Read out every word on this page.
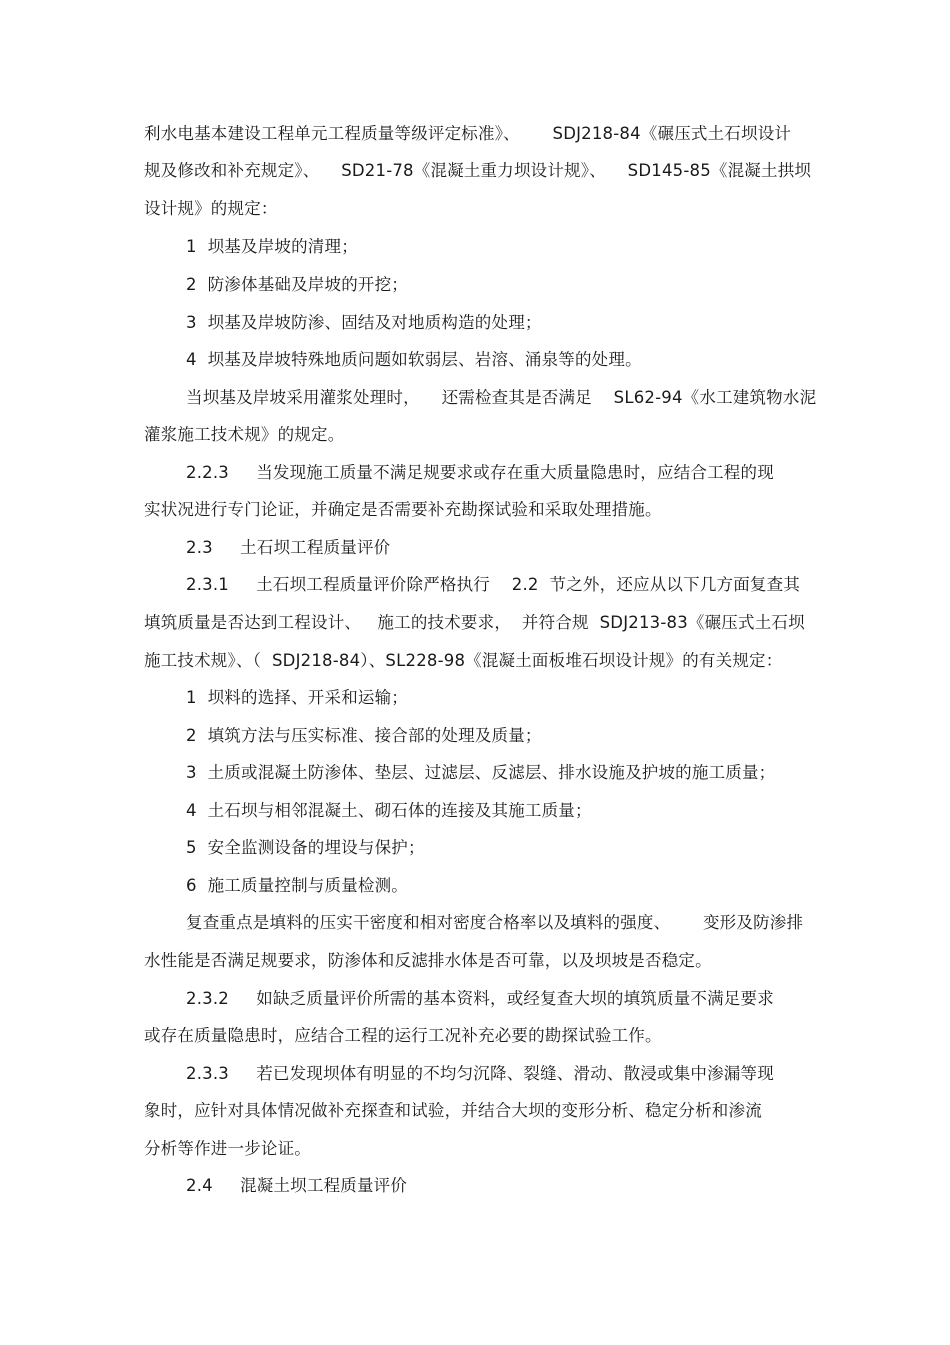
利水电基本建设工程单元工程质量等级评定标准》、      SDJ218-84《碾压式土石坝设计
规及修改和补充规定》、    SD21-78《混凝土重力坝设计规》、    SD145-85《混凝土拱坝
设计规》的规定：
1  坝基及岸坡的清理；
2  防渗体基础及岸坡的开挖；
3  坝基及岸坡防渗、固结及对地质构造的处理；
4  坝基及岸坡特殊地质问题如软弱层、岩溶、涌泉等的处理。
当坝基及岸坡采用灌浆处理时，    还需检查其是否满足    SL62-94《水工建筑物水泥
灌浆施工技术规》的规定。
2.2.3     当发现施工质量不满足规要求或存在重大质量隐患时，应结合工程的现
实状况进行专门论证，并确定是否需要补充勘探试验和采取处理措施。
2.3     土石坝工程质量评价
2.3.1     土石坝工程质量评价除严格执行    2.2  节之外，还应从以下几方面复查其
填筑质量是否达到工程设计、   施工的技术要求，  并符合规  SDJ213-83《碾压式土石坝
施工技术规》、（  SDJ218-84）、SL228-98《混凝土面板堆石坝设计规》的有关规定：
1  坝料的选择、开采和运输；
2  填筑方法与压实标准、接合部的处理及质量；
3  土质或混凝土防渗体、垫层、过滤层、反滤层、排水设施及护坡的施工质量；
4  土石坝与相邻混凝土、砌石体的连接及其施工质量；
5  安全监测设备的埋设与保护；
6  施工质量控制与质量检测。
复查重点是填料的压实干密度和相对密度合格率以及填料的强度、      变形及防渗排
水性能是否满足规要求，防渗体和反滤排水体是否可靠，以及坝坡是否稳定。
2.3.2     如缺乏质量评价所需的基本资料，或经复查大坝的填筑质量不满足要求
或存在质量隐患时，应结合工程的运行工况补充必要的勘探试验工作。
2.3.3     若已发现坝体有明显的不均匀沉降、裂缝、滑动、散浸或集中渗漏等现
象时，应针对具体情况做补充探查和试验，并结合大坝的变形分析、稳定分析和渗流
分析等作进一步论证。
2.4     混凝土坝工程质量评价
